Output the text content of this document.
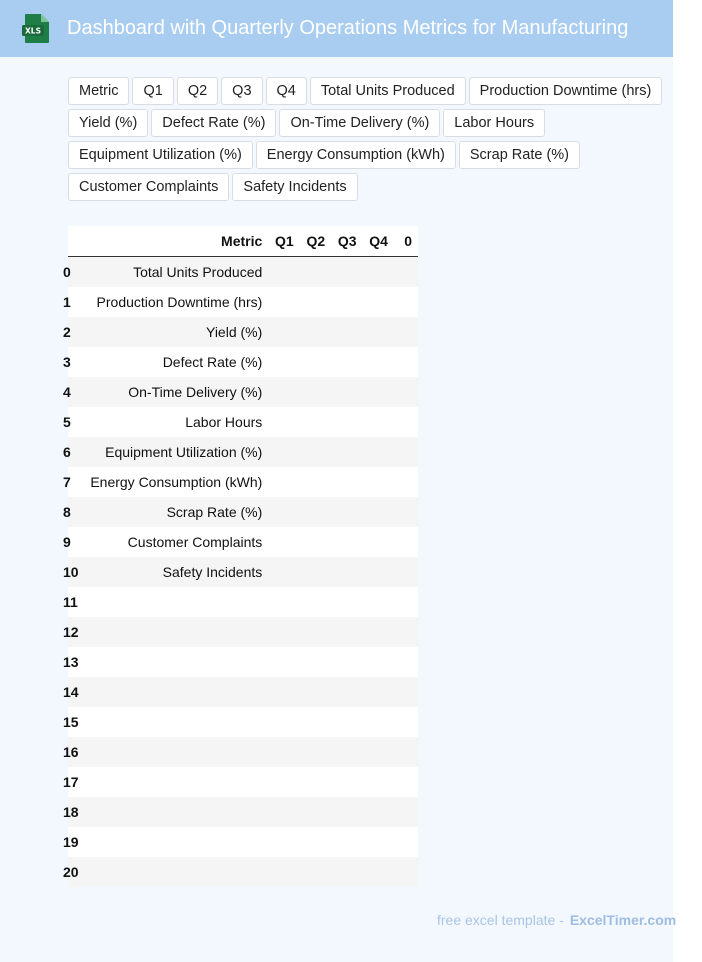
XLS Dashboard with Quarterly Operations Metrics for Manufacturing
Metric	Q1	Q2	Q3	Q4	Total Units Produced	Production Downtime (hrs)
Yield (%)	Defect Rate (%)	On-Time Delivery (%)	Labor Hours
Equipment Utilization (%)	Energy Consumption (kWh)	Scrap Rate (%)
Customer Complaints	Safety Incidents
	Metric	Q1	Q2	Q3	Q4	0
0	Total Units Produced					
1	Production Downtime (hrs)					
2	Yield (%)					
3	Defect Rate (%)					
4	On-Time Delivery (%)					
5	Labor Hours					
6	Equipment Utilization (%)					
7	Energy Consumption (kWh)					
8	Scrap Rate (%)					
9	Customer Complaints					
10	Safety Incidents					
11						
12						
13						
14						
15						
16						
17						
18						
19						
20						
free excel template - ExcelTimer.com
